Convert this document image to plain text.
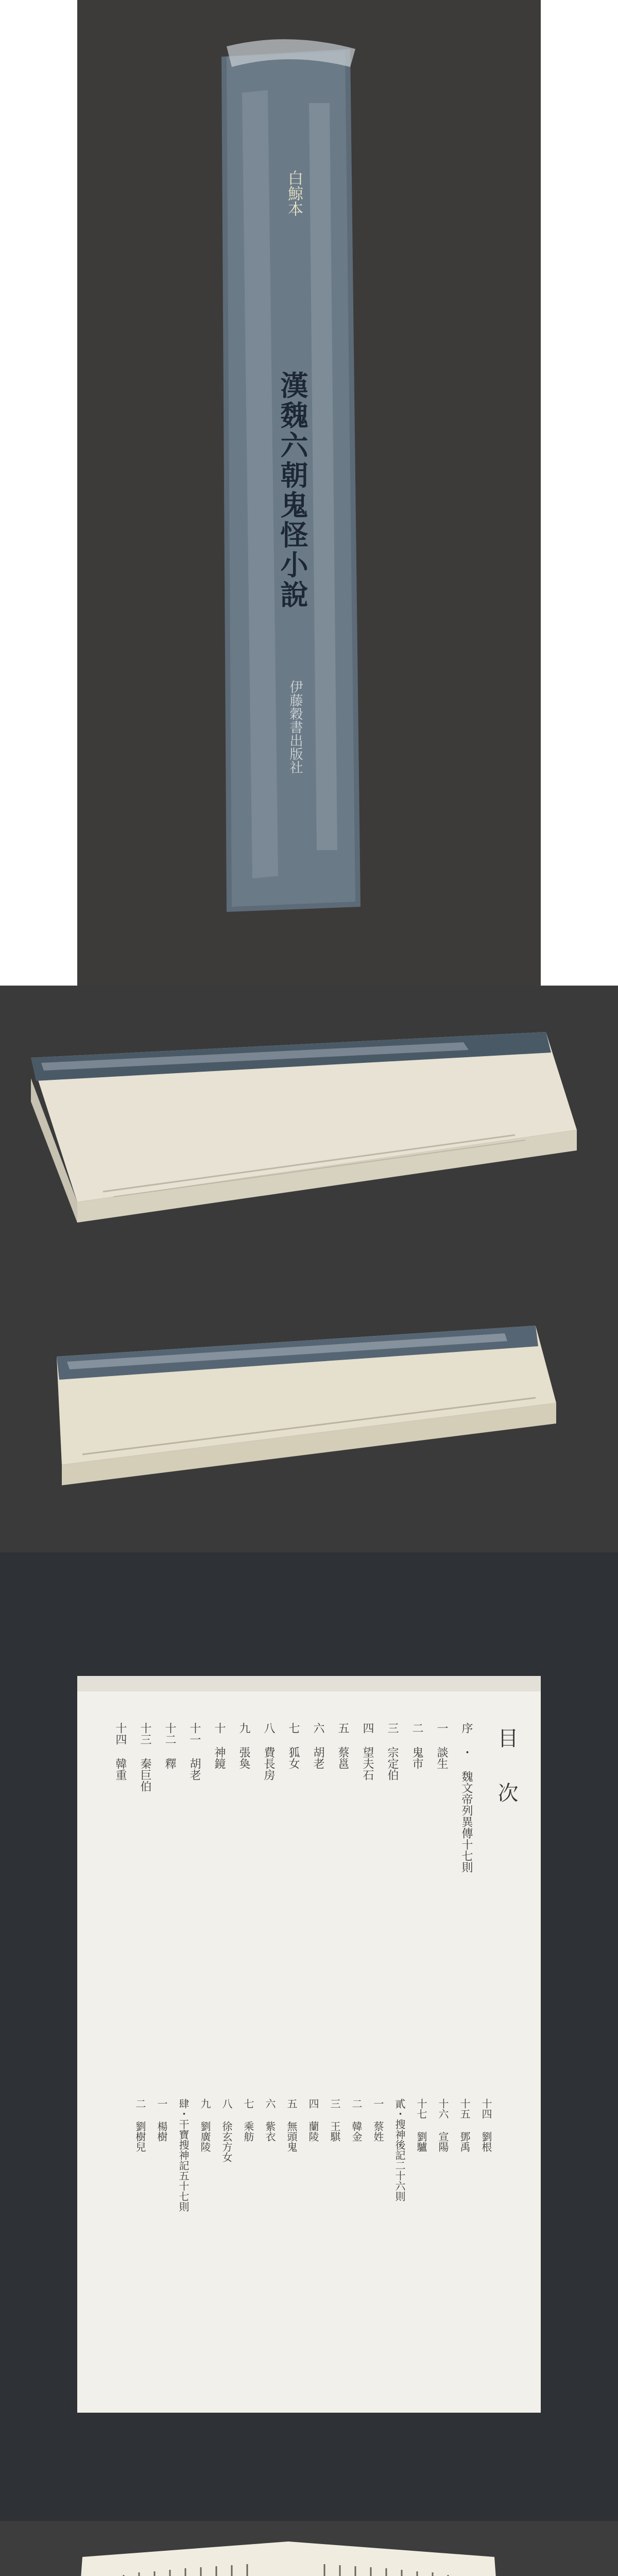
白鯨本
漢魏六朝鬼怪小說
伊藤穀書出版社
目 次
序 ・ 魏文帝列異傳十七則
一 談生
二 鬼市
三 宗定伯
四 望夫石
五 蔡邕
六 胡老
七 狐女
八 費長房
九 張奐
十 神鏡
十一 胡老
十二 釋
十三 秦巨伯
十四 韓重
十四 劉根
十五 鄧禹
十六 宣陽
十七 劉驢
貳・搜神後記二十六則
一 蔡姓
二 韓金
三 王騏
四 蘭陵
五 無頭鬼
六 紫衣
七 乘舫
八 徐玄方女
九 劉廣陵
肆・干寶搜神記五十七則
一 楊樹
二 劉樹兒
